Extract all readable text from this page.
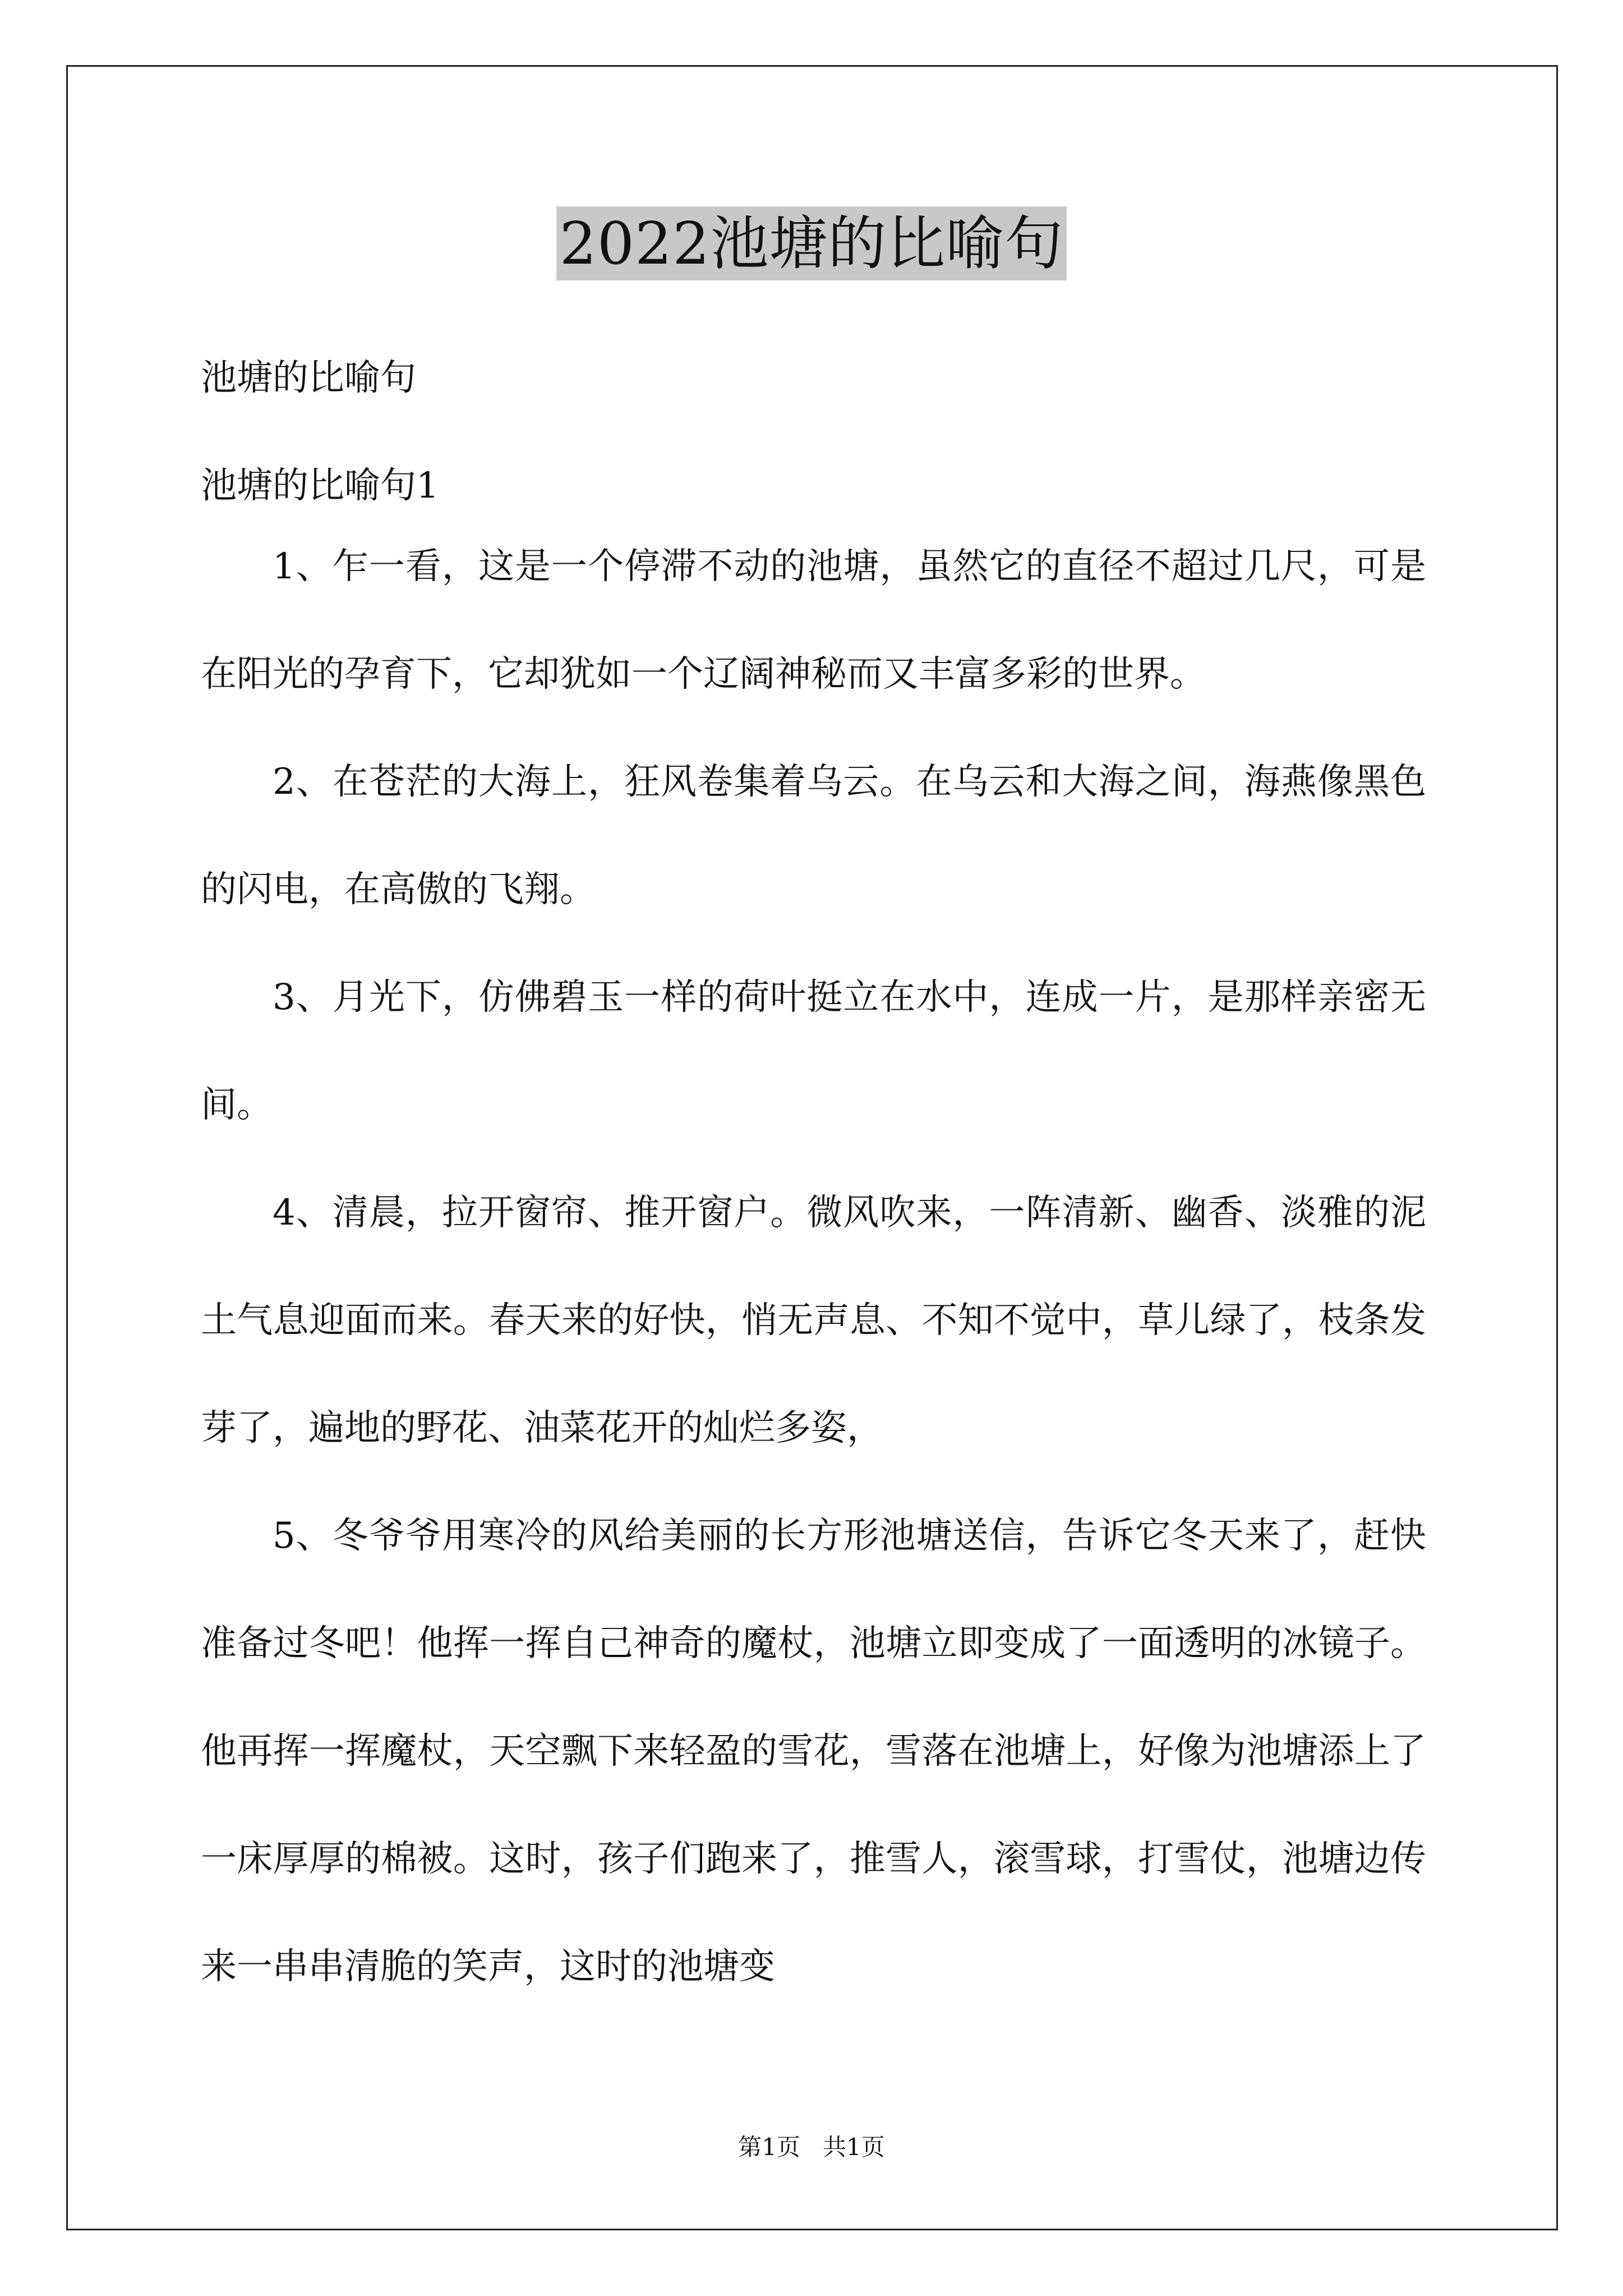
2022池塘的比喻句
池塘的比喻句
池塘的比喻句1

1、乍一看，这是一个停滞不动的池塘，虽然它的直径不超过几尺，可是在阳光的孕育下，它却犹如一个辽阔神秘而又丰富多彩的世界。

2、在苍茫的大海上，狂风卷集着乌云。在乌云和大海之间，海燕像黑色的闪电，在高傲的飞翔。

3、月光下，仿佛碧玉一样的荷叶挺立在水中，连成一片，是那样亲密无间。

4、清晨，拉开窗帘、推开窗户。微风吹来，一阵清新、幽香、淡雅的泥土气息迎面而来。春天来的好快，悄无声息、不知不觉中，草儿绿了，枝条发芽了，遍地的野花、油菜花开的灿烂多姿，

5、冬爷爷用寒冷的风给美丽的长方形池塘送信，告诉它冬天来了，赶快准备过冬吧！他挥一挥自己神奇的魔杖，池塘立即变成了一面透明的冰镜子。他再挥一挥魔杖，天空飘下来轻盈的雪花，雪落在池塘上，好像为池塘添上了一床厚厚的棉被。这时，孩子们跑来了，推雪人，滚雪球，打雪仗，池塘边传来一串串清脆的笑声，这时的池塘变

第1页   共1页
